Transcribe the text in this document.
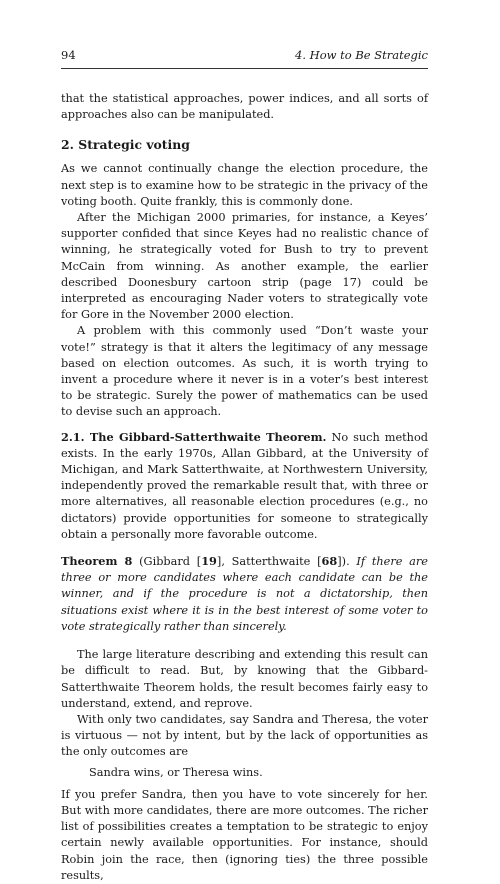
94	4. How to Be Strategic

that the statistical approaches, power indices, and all sorts of approaches also can be manipulated.

2. Strategic voting

As we cannot continually change the election procedure, the next step is to examine how to be strategic in the privacy of the voting booth. Quite frankly, this is commonly done.

After the Michigan 2000 primaries, for instance, a Keyes’ supporter confided that since Keyes had no realistic chance of winning, he strategically voted for Bush to try to prevent McCain from winning. As another example, the earlier described Doonesbury cartoon strip (page 17) could be interpreted as encouraging Nader voters to strategically vote for Gore in the November 2000 election.

A problem with this commonly used “Don’t waste your vote!” strategy is that it alters the legitimacy of any message based on election outcomes. As such, it is worth trying to invent a procedure where it never is in a voter’s best interest to be strategic. Surely the power of mathematics can be used to devise such an approach.

2.1. The Gibbard-Satterthwaite Theorem. No such method exists. In the early 1970s, Allan Gibbard, at the University of Michigan, and Mark Satterthwaite, at Northwestern University, independently proved the remarkable result that, with three or more alternatives, all reasonable election procedures (e.g., no dictators) provide opportunities for someone to strategically obtain a personally more favorable outcome.

Theorem 8 (Gibbard [19], Satterthwaite [68]). If there are three or more candidates where each candidate can be the winner, and if the procedure is not a dictatorship, then situations exist where it is in the best interest of some voter to vote strategically rather than sincerely.

The large literature describing and extending this result can be difficult to read. But, by knowing that the Gibbard-Satterthwaite Theorem holds, the result becomes fairly easy to understand, extend, and reprove.

With only two candidates, say Sandra and Theresa, the voter is virtuous — not by intent, but by the lack of opportunities as the only outcomes are

Sandra wins, or Theresa wins.

If you prefer Sandra, then you have to vote sincerely for her. But with more candidates, there are more outcomes. The richer list of possibilities creates a temptation to be strategic to enjoy certain newly available opportunities. For instance, should Robin join the race, then (ignoring ties) the three possible results,
